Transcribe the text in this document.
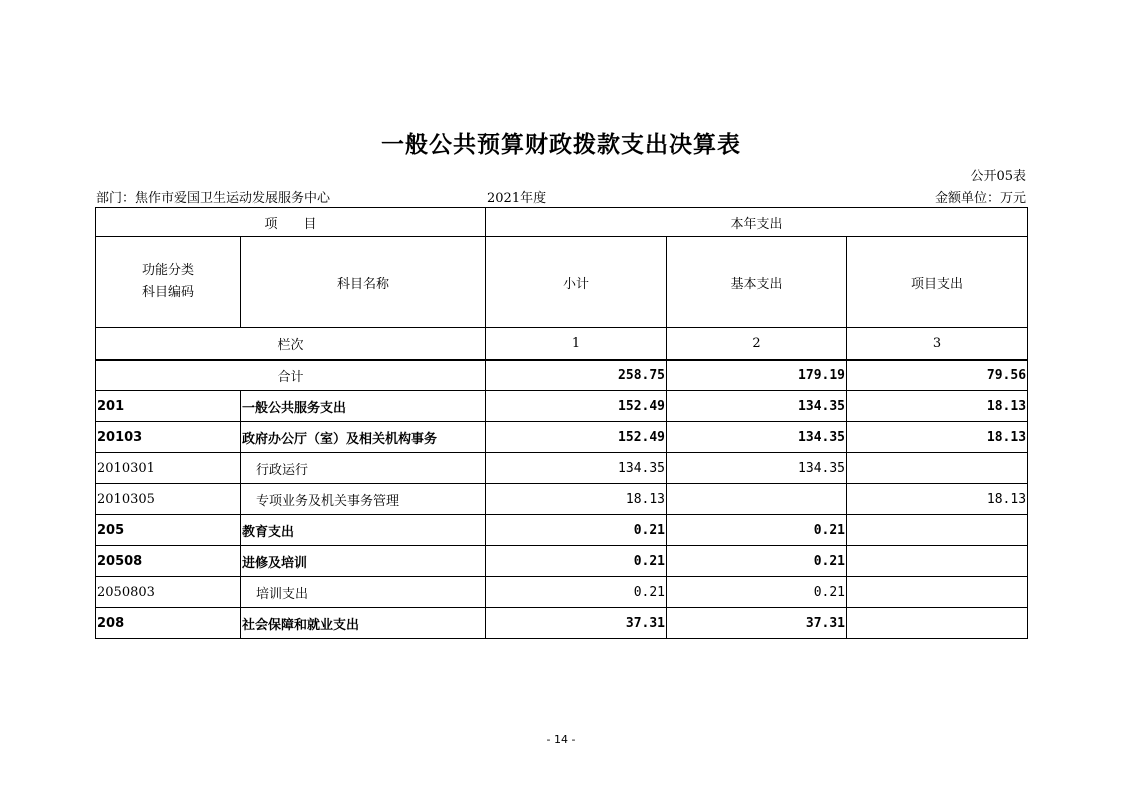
一般公共预算财政拨款支出决算表
公开05表
部门：焦作市爱国卫生运动发展服务中心	2021年度	金额单位：万元
项　　目		本年支出		
功能分类
科目编码	科目名称	小计	基本支出	项目支出
栏次		1	2	3
合计		258.75	179.19	79.56
201	一般公共服务支出	152.49	134.35	18.13
20103	政府办公厅（室）及相关机构事务	152.49	134.35	18.13
2010301	行政运行	134.35	134.35	
2010305	专项业务及机关事务管理	18.13		18.13
205	教育支出	0.21	0.21	
20508	进修及培训	0.21	0.21	
2050803	培训支出	0.21	0.21	
208	社会保障和就业支出	37.31	37.31	
- 14 -
